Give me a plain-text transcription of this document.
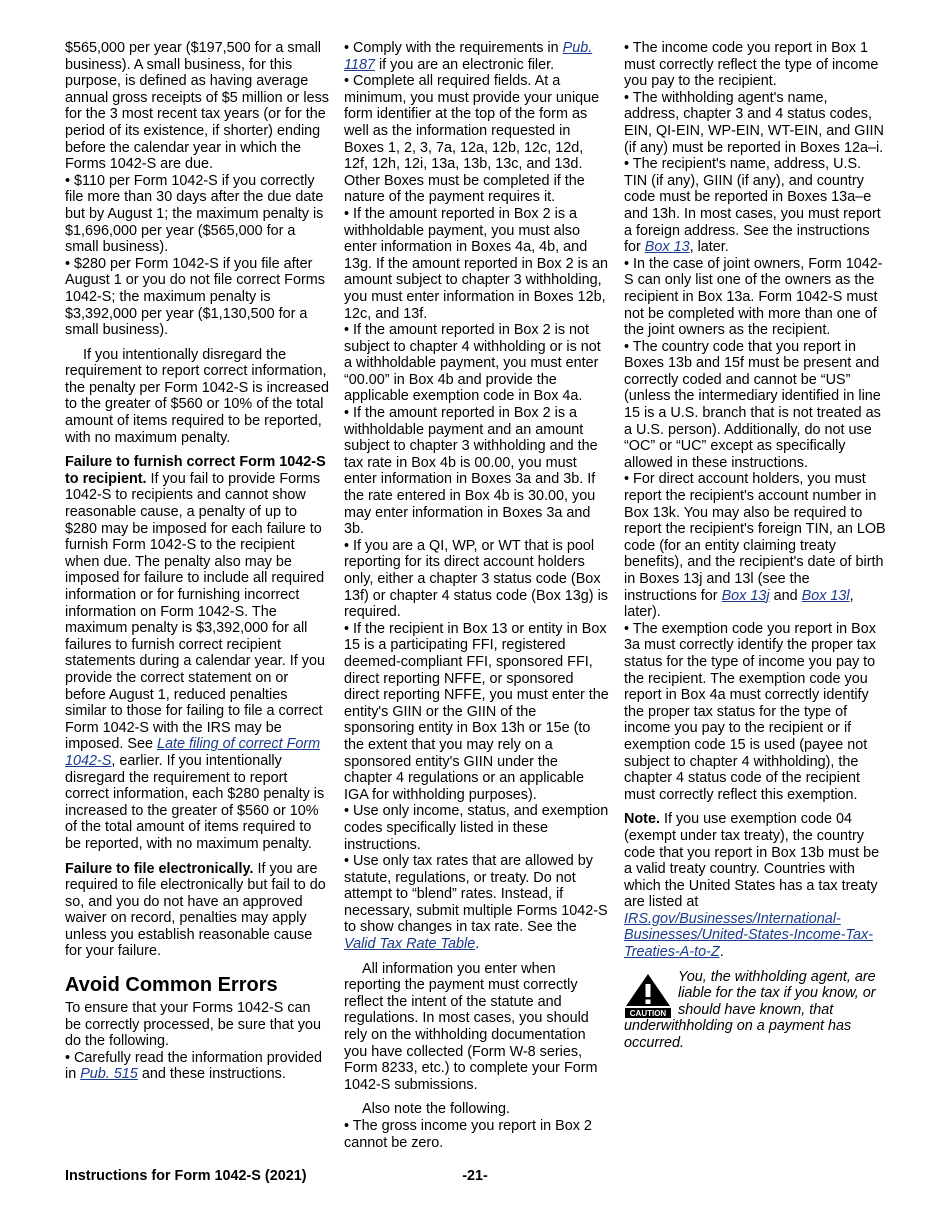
$565,000 per year ($197,500 for a small business). A small business, for this purpose, is defined as having average annual gross receipts of $5 million or less for the 3 most recent tax years (or for the period of its existence, if shorter) ending before the calendar year in which the Forms 1042-S are due.

• $110 per Form 1042-S if you correctly file more than 30 days after the due date but by August 1; the maximum penalty is $1,696,000 per year ($565,000 for a small business).

• $280 per Form 1042-S if you file after August 1 or you do not file correct Forms 1042-S; the maximum penalty is $3,392,000 per year ($1,130,500 for a small business).

If you intentionally disregard the requirement to report correct information, the penalty per Form 1042-S is increased to the greater of $560 or 10% of the total amount of items required to be reported, with no maximum penalty.

Failure to furnish correct Form 1042-S to recipient. If you fail to provide Forms 1042-S to recipients and cannot show reasonable cause, a penalty of up to $280 may be imposed for each failure to furnish Form 1042-S to the recipient when due. The penalty also may be imposed for failure to include all required information or for furnishing incorrect information on Form 1042-S. The maximum penalty is $3,392,000 for all failures to furnish correct recipient statements during a calendar year. If you provide the correct statement on or before August 1, reduced penalties similar to those for failing to file a correct Form 1042-S with the IRS may be imposed. See Late filing of correct Form 1042-S, earlier. If you intentionally disregard the requirement to report correct information, each $280 penalty is increased to the greater of $560 or 10% of the total amount of items required to be reported, with no maximum penalty.

Failure to file electronically. If you are required to file electronically but fail to do so, and you do not have an approved waiver on record, penalties may apply unless you establish reasonable cause for your failure.

Avoid Common Errors

To ensure that your Forms 1042-S can be correctly processed, be sure that you do the following.

• Carefully read the information provided in Pub. 515 and these instructions.

• Comply with the requirements in Pub. 1187 if you are an electronic filer.

• Complete all required fields. At a minimum, you must provide your unique form identifier at the top of the form as well as the information requested in Boxes 1, 2, 3, 7a, 12a, 12b, 12c, 12d, 12f, 12h, 12i, 13a, 13b, 13c, and 13d. Other Boxes must be completed if the nature of the payment requires it.

• If the amount reported in Box 2 is a withholdable payment, you must also enter information in Boxes 4a, 4b, and 13g. If the amount reported in Box 2 is an amount subject to chapter 3 withholding, you must enter information in Boxes 12b, 12c, and 13f.

• If the amount reported in Box 2 is not subject to chapter 4 withholding or is not a withholdable payment, you must enter “00.00” in Box 4b and provide the applicable exemption code in Box 4a.

• If the amount reported in Box 2 is a withholdable payment and an amount subject to chapter 3 withholding and the tax rate in Box 4b is 00.00, you must enter information in Boxes 3a and 3b. If the rate entered in Box 4b is 30.00, you may enter information in Boxes 3a and 3b.

• If you are a QI, WP, or WT that is pool reporting for its direct account holders only, either a chapter 3 status code (Box 13f) or chapter 4 status code (Box 13g) is required.

• If the recipient in Box 13 or entity in Box 15 is a participating FFI, registered deemed-compliant FFI, sponsored FFI, direct reporting NFFE, or sponsored direct reporting NFFE, you must enter the entity's GIIN or the GIIN of the sponsoring entity in Box 13h or 15e (to the extent that you may rely on a sponsored entity's GIIN under the chapter 4 regulations or an applicable IGA for withholding purposes).

• Use only income, status, and exemption codes specifically listed in these instructions.

• Use only tax rates that are allowed by statute, regulations, or treaty. Do not attempt to “blend” rates. Instead, if necessary, submit multiple Forms 1042-S to show changes in tax rate. See the Valid Tax Rate Table.

All information you enter when reporting the payment must correctly reflect the intent of the statute and regulations. In most cases, you should rely on the withholding documentation you have collected (Form W-8 series, Form 8233, etc.) to complete your Form 1042-S submissions.

Also note the following.

• The gross income you report in Box 2 cannot be zero.

• The income code you report in Box 1 must correctly reflect the type of income you pay to the recipient.

• The withholding agent's name, address, chapter 3 and 4 status codes, EIN, QI-EIN, WP-EIN, WT-EIN, and GIIN (if any) must be reported in Boxes 12a–i.

• The recipient's name, address, U.S. TIN (if any), GIIN (if any), and country code must be reported in Boxes 13a–e and 13h. In most cases, you must report a foreign address. See the instructions for Box 13, later.

• In the case of joint owners, Form 1042-S can only list one of the owners as the recipient in Box 13a. Form 1042-S must not be completed with more than one of the joint owners as the recipient.

• The country code that you report in Boxes 13b and 15f must be present and correctly coded and cannot be “US” (unless the intermediary identified in line 15 is a U.S. branch that is not treated as a U.S. person). Additionally, do not use “OC” or “UC” except as specifically allowed in these instructions.

• For direct account holders, you must report the recipient's account number in Box 13k. You may also be required to report the recipient's foreign TIN, an LOB code (for an entity claiming treaty benefits), and the recipient's date of birth in Boxes 13j and 13l (see the instructions for Box 13j and Box 13l, later).

• The exemption code you report in Box 3a must correctly identify the proper tax status for the type of income you pay to the recipient. The exemption code you report in Box 4a must correctly identify the proper tax status for the type of income you pay to the recipient or if exemption code 15 is used (payee not subject to chapter 4 withholding), the chapter 4 status code of the recipient must correctly reflect this exemption.

Note. If you use exemption code 04 (exempt under tax treaty), the country code that you report in Box 13b must be a valid treaty country. Countries with which the United States has a tax treaty are listed at IRS.gov/Businesses/International-Businesses/United-States-Income-Tax-Treaties-A-to-Z.

CAUTION

You, the withholding agent, are liable for the tax if you know, or should have known, that underwithholding on a payment has occurred.

Instructions for Form 1042-S (2021)	-21-
